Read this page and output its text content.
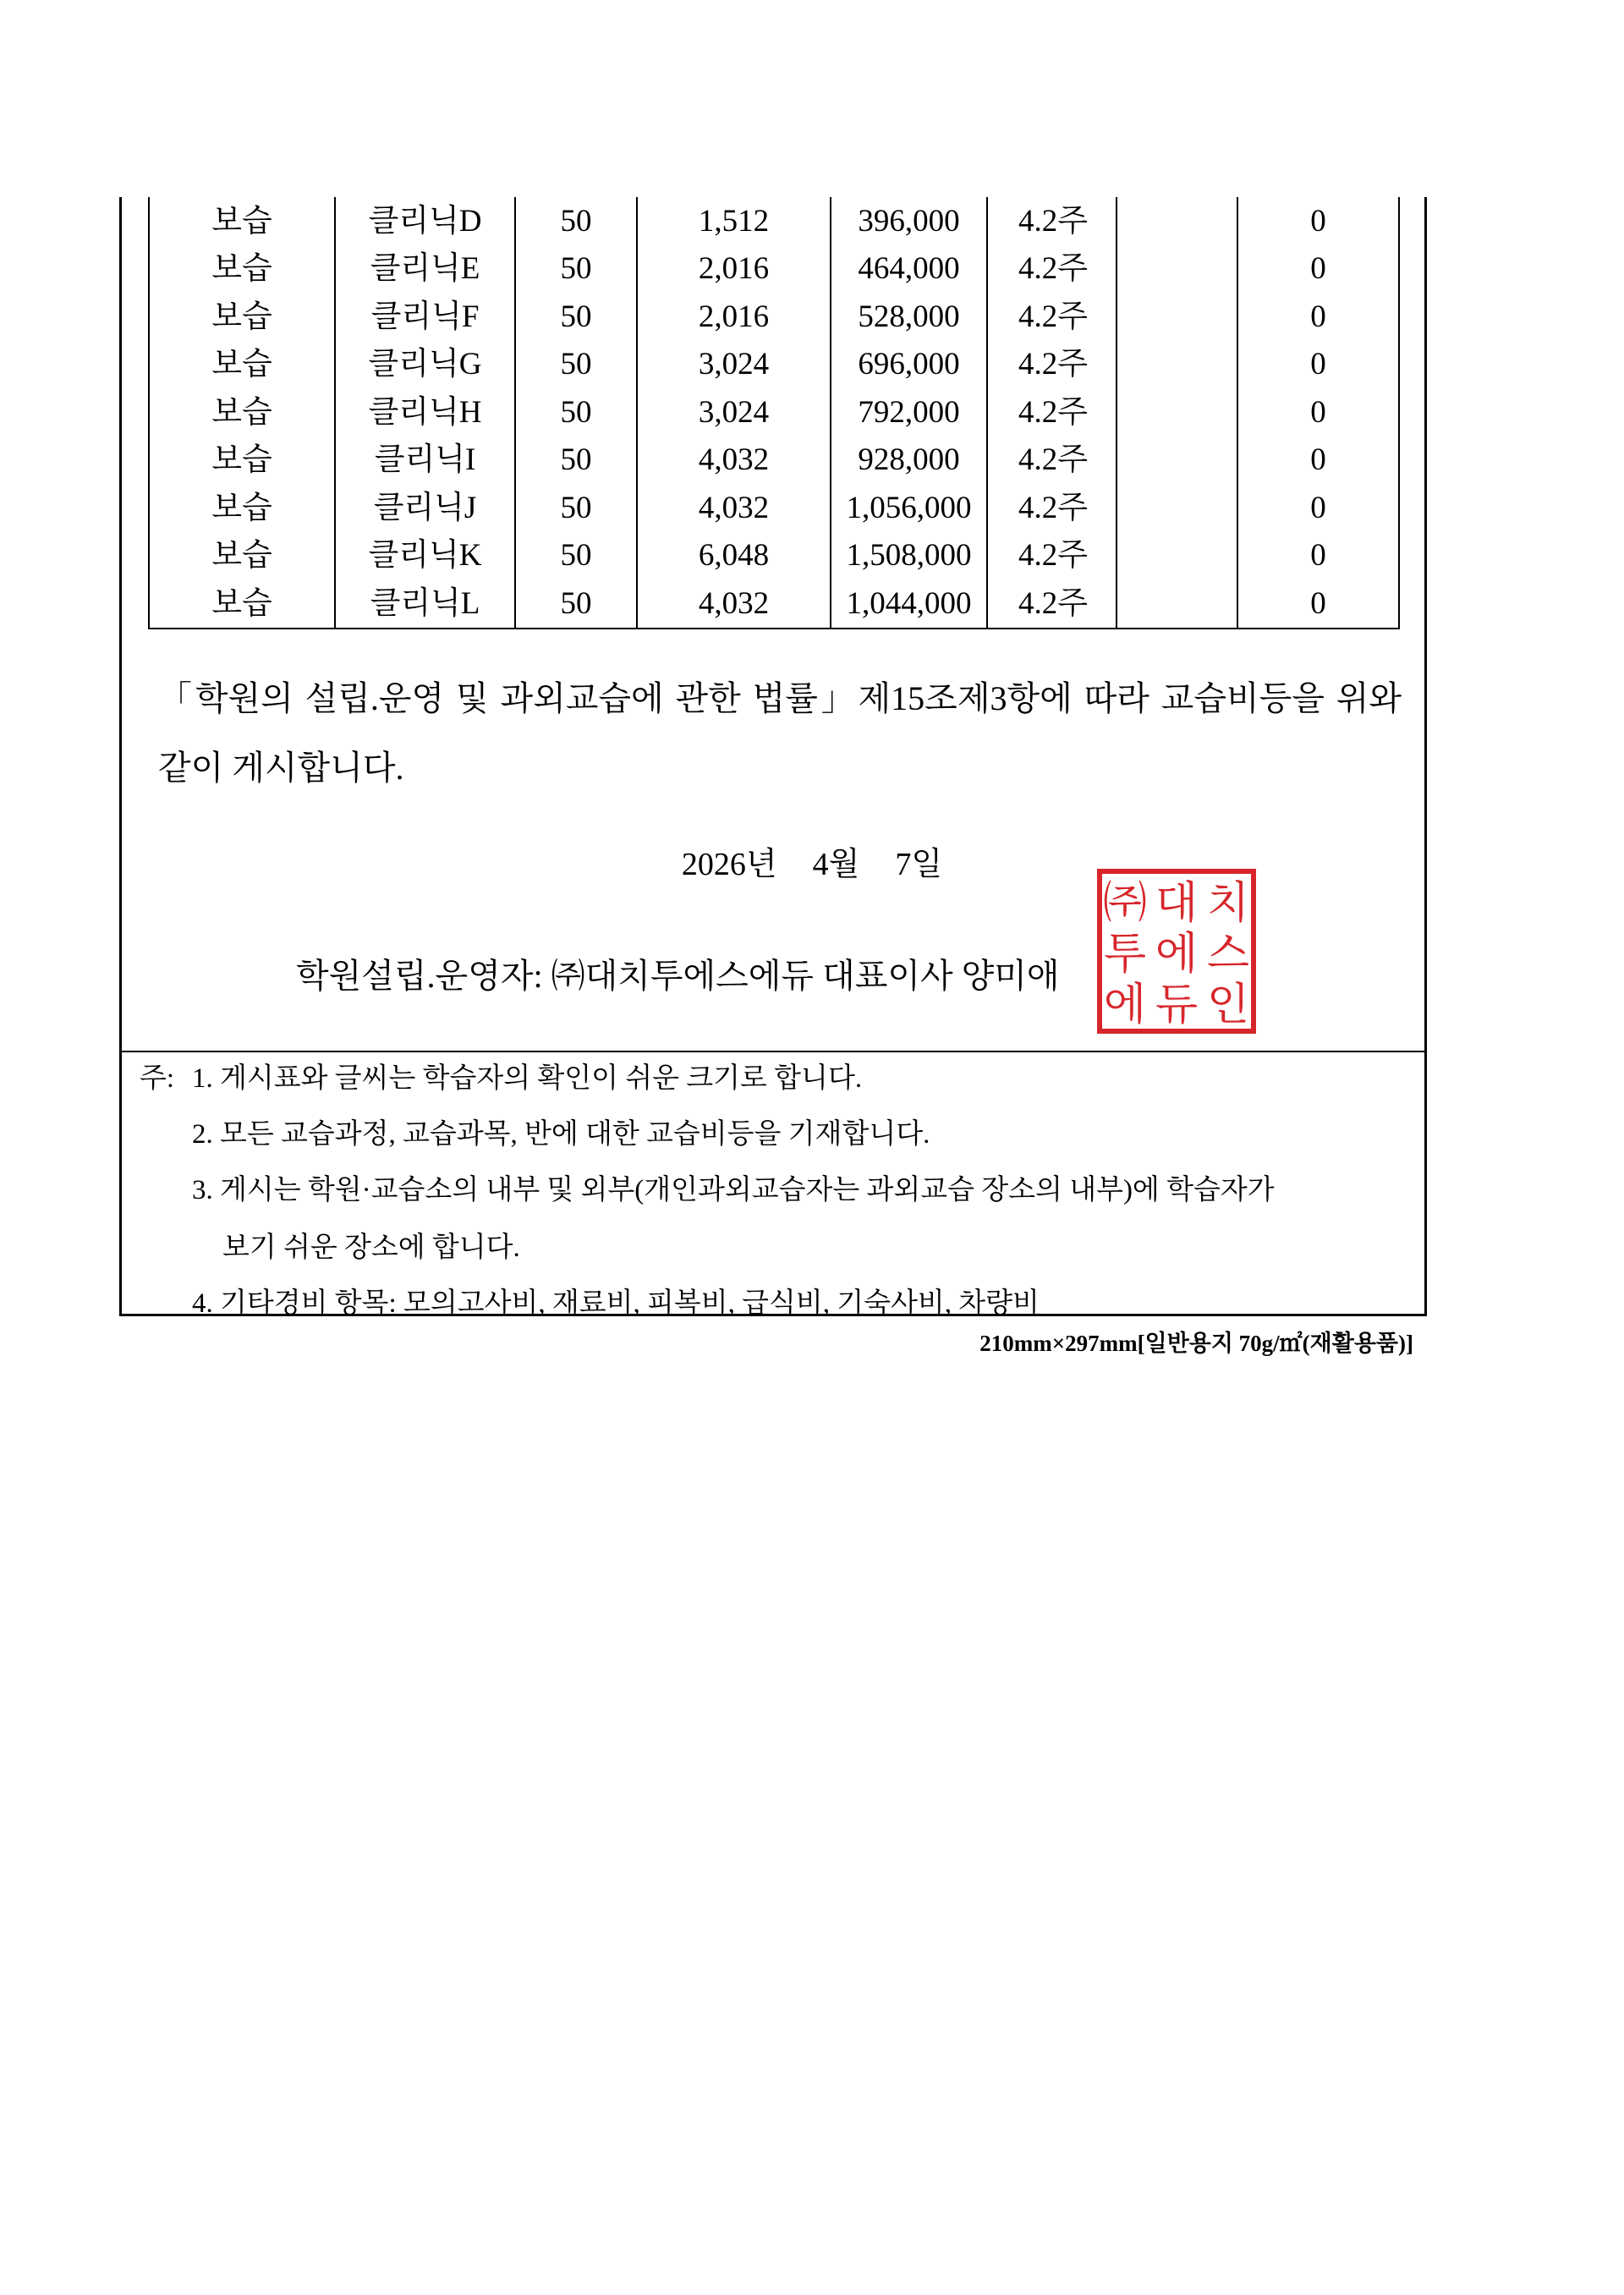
보습	클리닉D	50	1,512	396,000	4.2주		0
보습	클리닉E	50	2,016	464,000	4.2주		0
보습	클리닉F	50	2,016	528,000	4.2주		0
보습	클리닉G	50	3,024	696,000	4.2주		0
보습	클리닉H	50	3,024	792,000	4.2주		0
보습	클리닉I	50	4,032	928,000	4.2주		0
보습	클리닉J	50	4,032	1,056,000	4.2주		0
보습	클리닉K	50	6,048	1,508,000	4.2주		0
보습	클리닉L	50	4,032	1,044,000	4.2주		0
「학원의 설립.운영 및 과외교습에 관한 법률」제15조제3항에 따라 교습비등을 위와 같이 게시합니다.
2026년 4월 7일
학원설립.운영자: ㈜대치투에스에듀 대표이사 양미애
㈜ 대 치
투 에 스
에 듀 인
주: 1. 게시표와 글씨는 학습자의 확인이 쉬운 크기로 합니다.
2. 모든 교습과정, 교습과목, 반에 대한 교습비등을 기재합니다.
3. 게시는 학원·교습소의 내부 및 외부(개인과외교습자는 과외교습 장소의 내부)에 학습자가
보기 쉬운 장소에 합니다.
4. 기타경비 항목: 모의고사비, 재료비, 피복비, 급식비, 기숙사비, 차량비
210mm×297mm[일반용지 70g/㎡(재활용품)]
